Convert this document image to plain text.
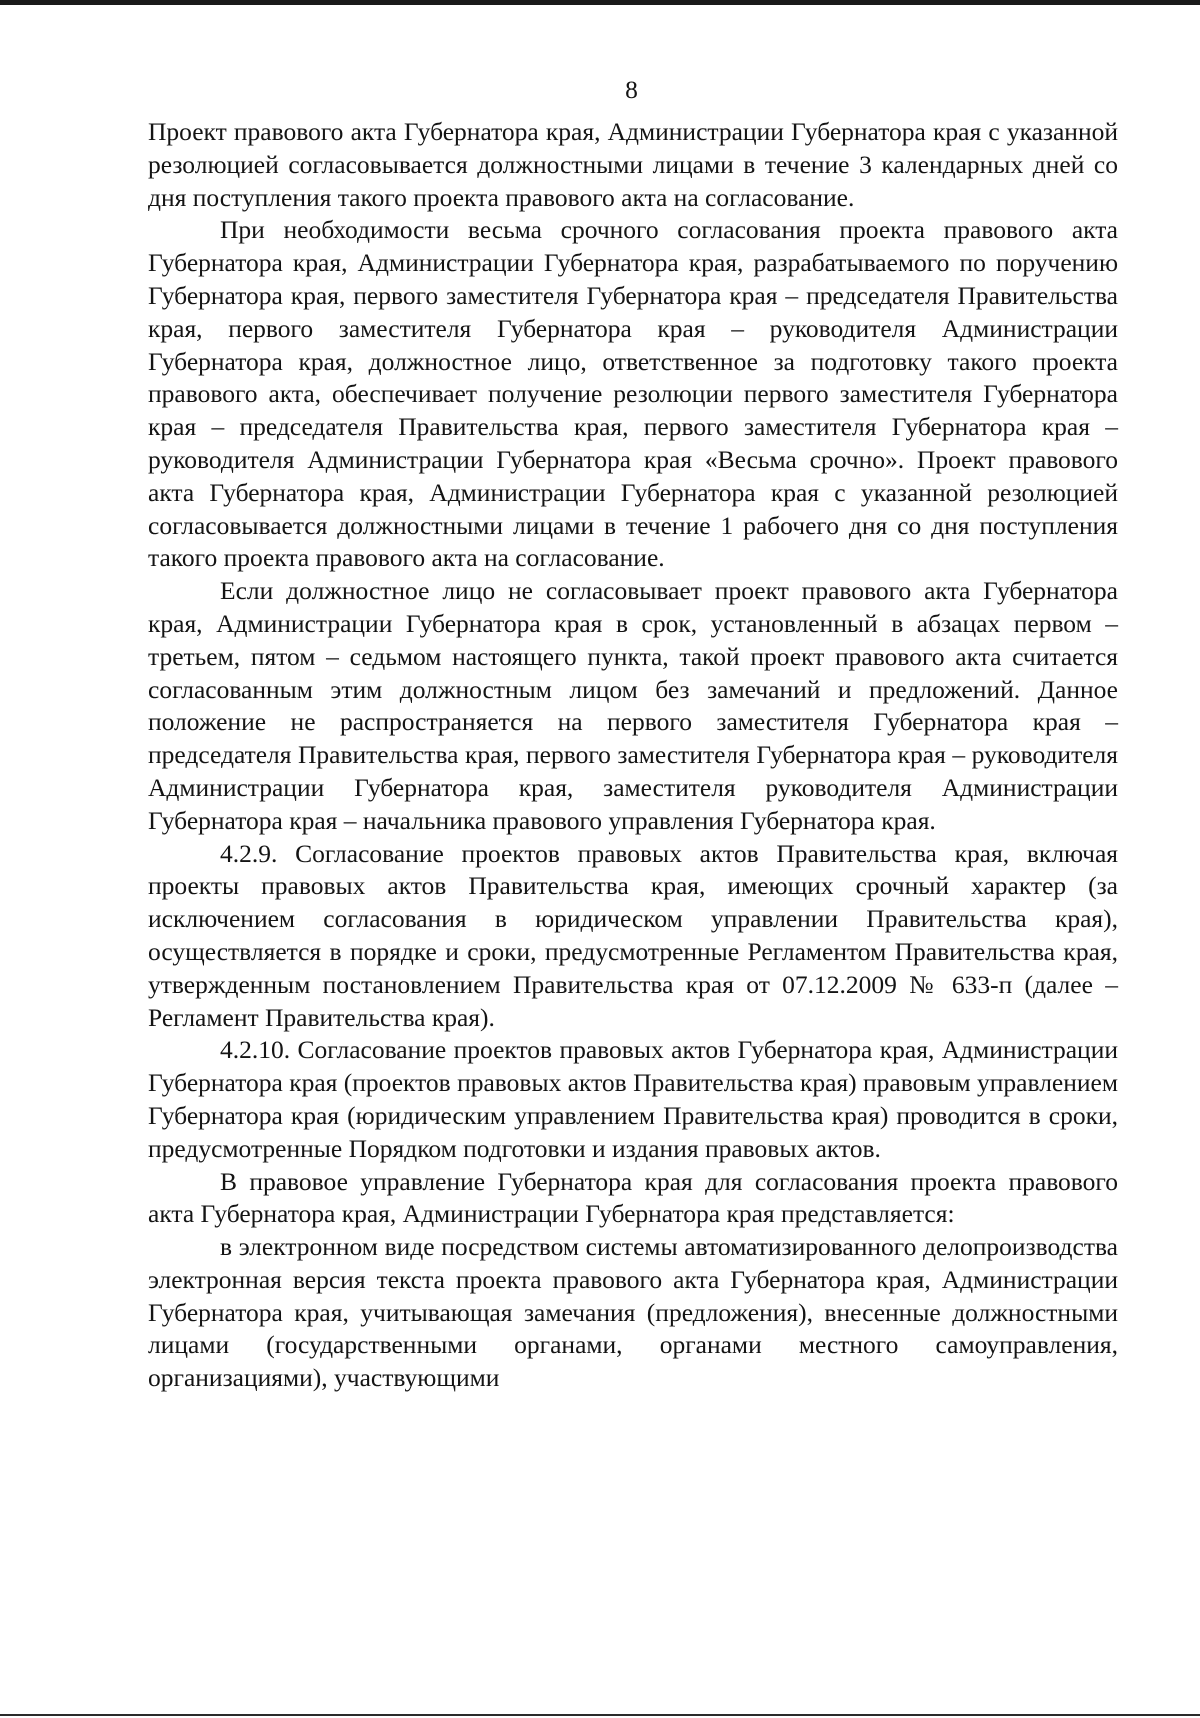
8

Проект правового акта Губернатора края, Администрации Губернатора края с указанной резолюцией согласовывается должностными лицами в течение 3 календарных дней со дня поступления такого проекта правового акта на согласование.

При необходимости весьма срочного согласования проекта правового акта Губернатора края, Администрации Губернатора края, разрабатываемого по поручению Губернатора края, первого заместителя Губернатора края – председателя Правительства края, первого заместителя Губернатора края – руководителя Администрации Губернатора края, должностное лицо, ответственное за подготовку такого проекта правового акта, обеспечивает получение резолюции первого заместителя Губернатора края – председателя Правительства края, первого заместителя Губернатора края – руководителя Администрации Губернатора края «Весьма срочно». Проект правового акта Губернатора края, Администрации Губернатора края с указанной резолюцией согласовывается должностными лицами в течение 1 рабочего дня со дня поступления такого проекта правового акта на согласование.

Если должностное лицо не согласовывает проект правового акта Губернатора края, Администрации Губернатора края в срок, установленный в абзацах первом – третьем, пятом – седьмом настоящего пункта, такой проект правового акта считается согласованным этим должностным лицом без замечаний и предложений. Данное положение не распространяется на первого заместителя Губернатора края – председателя Правительства края, первого заместителя Губернатора края – руководителя Администрации Губернатора края, заместителя руководителя Администрации Губернатора края – начальника правового управления Губернатора края.

4.2.9. Согласование проектов правовых актов Правительства края, включая проекты правовых актов Правительства края, имеющих срочный характер (за исключением согласования в юридическом управлении Правительства края), осуществляется в порядке и сроки, предусмотренные Регламентом Правительства края, утвержденным постановлением Правительства края от 07.12.2009 № 633-п (далее – Регламент Правительства края).

4.2.10. Согласование проектов правовых актов Губернатора края, Администрации Губернатора края (проектов правовых актов Правительства края) правовым управлением Губернатора края (юридическим управлением Правительства края) проводится в сроки, предусмотренные Порядком подготовки и издания правовых актов.

В правовое управление Губернатора края для согласования проекта правового акта Губернатора края, Администрации Губернатора края представляется:

в электронном виде посредством системы автоматизированного делопроизводства электронная версия текста проекта правового акта Губернатора края, Администрации Губернатора края, учитывающая замечания (предложения), внесенные должностными лицами (государственными органами, органами местного самоуправления, организациями), участвующими
